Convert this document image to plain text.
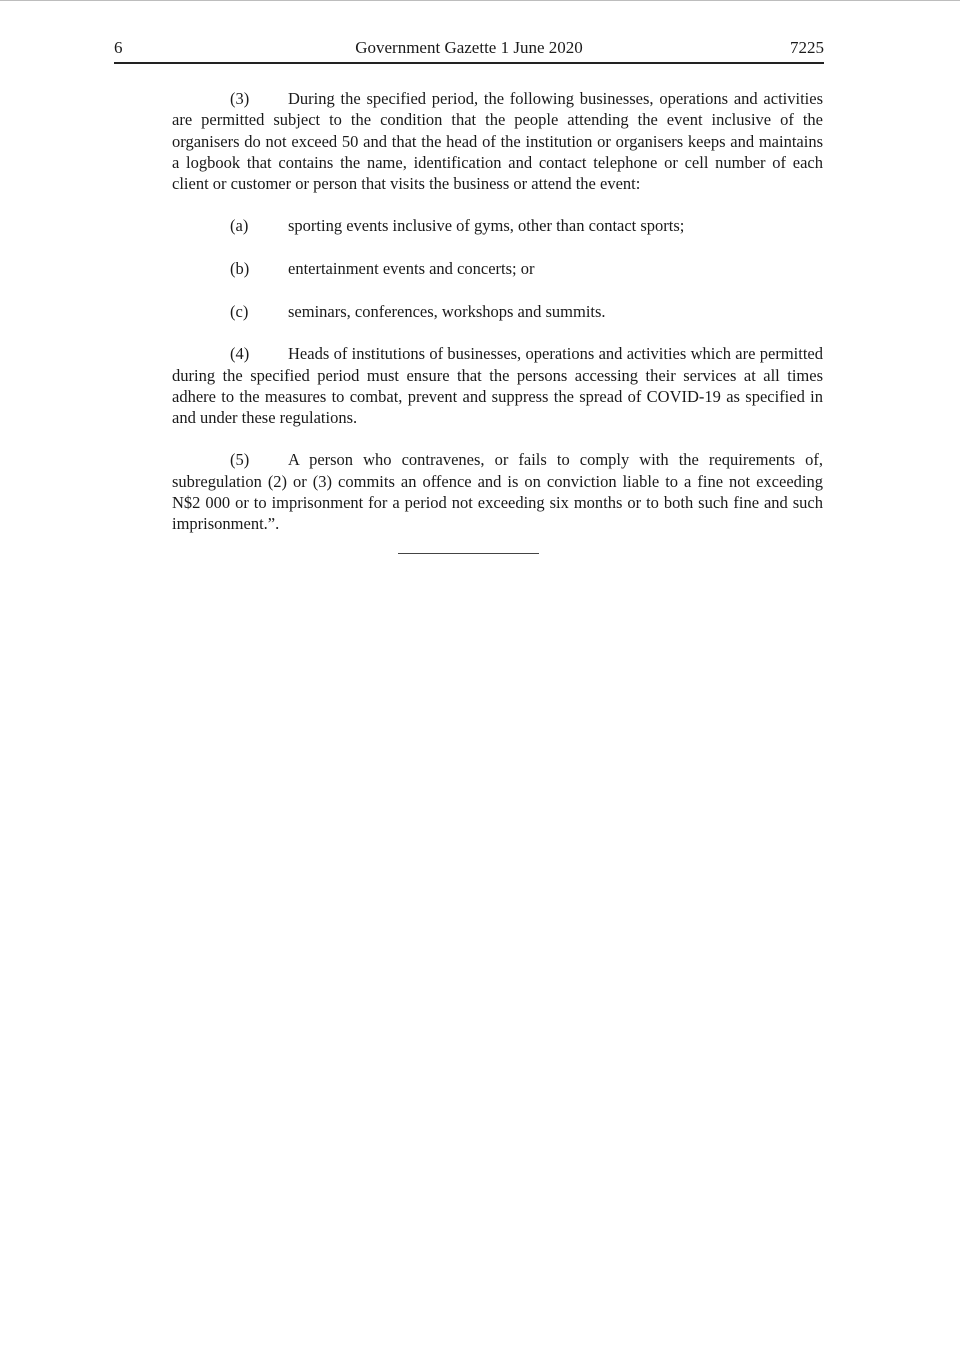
6	Government Gazette 1 June 2020	7225

(3) During the specified period, the following businesses, operations and activities are permitted subject to the condition that the people attending the event inclusive of the organisers do not exceed 50 and that the head of the institution or organisers keeps and maintains a logbook that contains the name, identification and contact telephone or cell number of each client or customer or person that visits the business or attend the event:

(a) sporting events inclusive of gyms, other than contact sports;
(b) entertainment events and concerts; or
(c) seminars, conferences, workshops and summits.

(4) Heads of institutions of businesses, operations and activities which are permitted during the specified period must ensure that the persons accessing their services at all times adhere to the measures to combat, prevent and suppress the spread of COVID-19 as specified in and under these regulations.

(5) A person who contravenes, or fails to comply with the requirements of, subregulation (2) or (3) commits an offence and is on conviction liable to a fine not exceeding N$2 000 or to imprisonment for a period not exceeding six months or to both such fine and such imprisonment.”.
